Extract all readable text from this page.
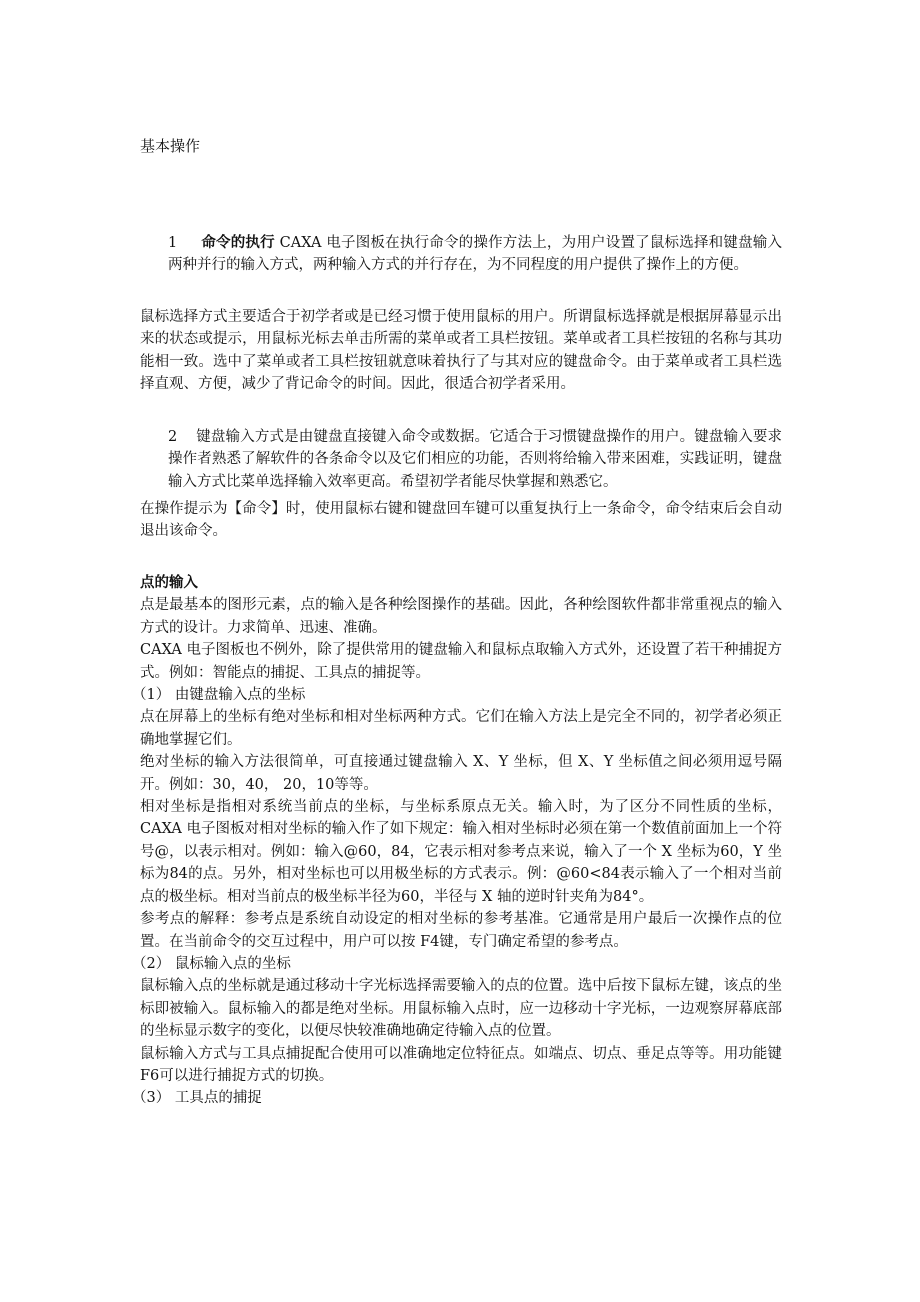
基本操作

1 命令的执行 CAXA 电子图板在执行命令的操作方法上，为用户设置了鼠标选择和键盘输入两种并行的输入方式，两种输入方式的并行存在，为不同程度的用户提供了操作上的方便。

鼠标选择方式主要适合于初学者或是已经习惯于使用鼠标的用户。所谓鼠标选择就是根据屏幕显示出来的状态或提示，用鼠标光标去单击所需的菜单或者工具栏按钮。菜单或者工具栏按钮的名称与其功能相一致。选中了菜单或者工具栏按钮就意味着执行了与其对应的键盘命令。由于菜单或者工具栏选择直观、方便，减少了背记命令的时间。因此，很适合初学者采用。

2 键盘输入方式是由键盘直接键入命令或数据。它适合于习惯键盘操作的用户。键盘输入要求操作者熟悉了解软件的各条命令以及它们相应的功能，否则将给输入带来困难，实践证明，键盘输入方式比菜单选择输入效率更高。希望初学者能尽快掌握和熟悉它。

在操作提示为【命令】时，使用鼠标右键和键盘回车键可以重复执行上一条命令，命令结束后会自动退出该命令。

点的输入

点是最基本的图形元素，点的输入是各种绘图操作的基础。因此，各种绘图软件都非常重视点的输入方式的设计。力求简单、迅速、准确。

CAXA 电子图板也不例外，除了提供常用的键盘输入和鼠标点取输入方式外，还设置了若干种捕捉方式。例如：智能点的捕捉、工具点的捕捉等。

（1） 由键盘输入点的坐标

点在屏幕上的坐标有绝对坐标和相对坐标两种方式。它们在输入方法上是完全不同的，初学者必须正确地掌握它们。

绝对坐标的输入方法很简单，可直接通过键盘输入 X、Y 坐标，但 X、Y 坐标值之间必须用逗号隔开。例如：30，40， 20，10等等。

相对坐标是指相对系统当前点的坐标，与坐标系原点无关。输入时，为了区分不同性质的坐标，CAXA 电子图板对相对坐标的输入作了如下规定：输入相对坐标时必须在第一个数值前面加上一个符号@，以表示相对。例如：输入@60，84，它表示相对参考点来说，输入了一个 X 坐标为60，Y 坐标为84的点。另外，相对坐标也可以用极坐标的方式表示。例：@60<84表示输入了一个相对当前点的极坐标。相对当前点的极坐标半径为60，半径与 X 轴的逆时针夹角为84°。

参考点的解释：参考点是系统自动设定的相对坐标的参考基准。它通常是用户最后一次操作点的位置。在当前命令的交互过程中，用户可以按 F4键，专门确定希望的参考点。

（2） 鼠标输入点的坐标

鼠标输入点的坐标就是通过移动十字光标选择需要输入的点的位置。选中后按下鼠标左键，该点的坐标即被输入。鼠标输入的都是绝对坐标。用鼠标输入点时，应一边移动十字光标，一边观察屏幕底部的坐标显示数字的变化，以便尽快较准确地确定待输入点的位置。

鼠标输入方式与工具点捕捉配合使用可以准确地定位特征点。如端点、切点、垂足点等等。用功能键 F6可以进行捕捉方式的切换。

（3） 工具点的捕捉
